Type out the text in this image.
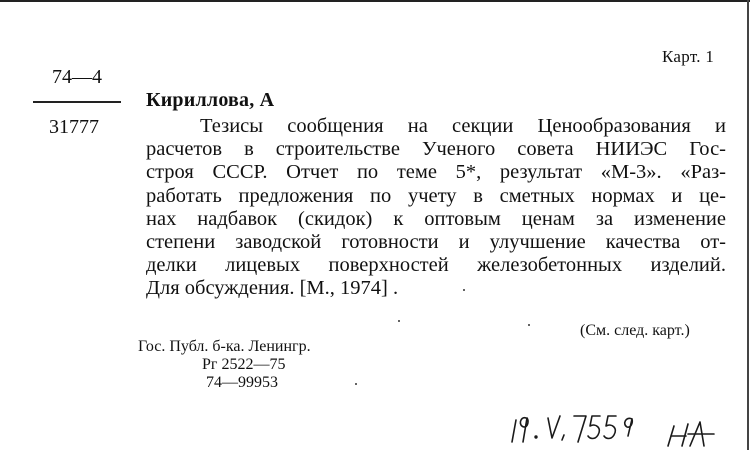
Карт. 1
74—4
31777
Кириллова, А
Тезисы сообщения на секции Ценообразования и
расчетов в строительстве Ученого совета НИИЭС Гос-
строя СССР. Отчет по теме 5*, результат «М-3». «Раз-
работать предложения по учету в сметных нормах и це-
нах надбавок (скидок) к оптовым ценам за изменение
степени заводской готовности и улучшение качества от-
делки лицевых поверхностей железобетонных изделий.
Для обсуждения. [М., 1974] .
(См. след. карт.)
Гос. Публ. б-ка. Ленингр.
Рг 2522—75
74—99953
